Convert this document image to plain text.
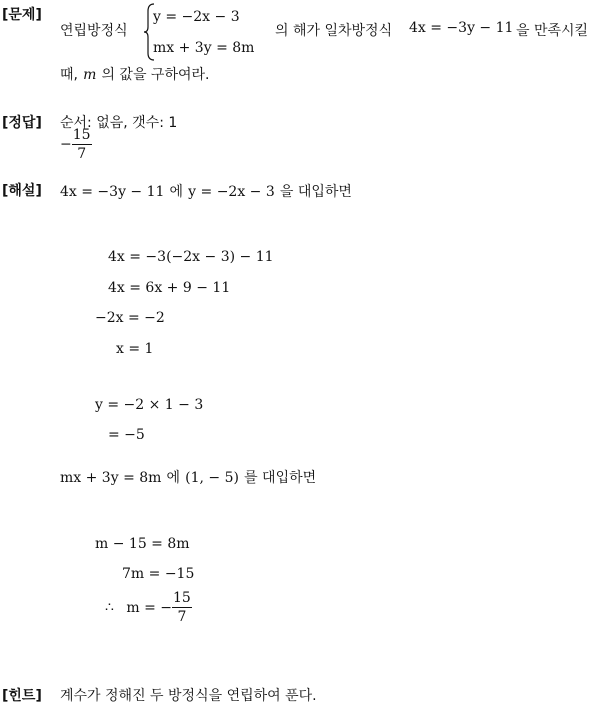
[문제]
연립방정식
y = −2x − 3
mx + 3y = 8m
의 해가 일차방정식 4x = −3y − 11 을 만족시킬
때, m 의 값을 구하여라.
[정답] 순서: 없음, 갯수: 1
− $\frac{15}{7}$
[해설] 4x = −3y − 11 에 y = −2x − 3 을 대입하면
4x = −3(−2x − 3) − 11
4x = 6x + 9 − 11
−2x = −2
x = 1
y = −2 × 1 − 3
= −5
mx + 3y = 8m 에 (1, − 5) 를 대입하면
m − 15 = 8m
7m = −15
∴ m = − $\frac{15}{7}$
[힌트] 계수가 정해진 두 방정식을 연립하여 푼다.
